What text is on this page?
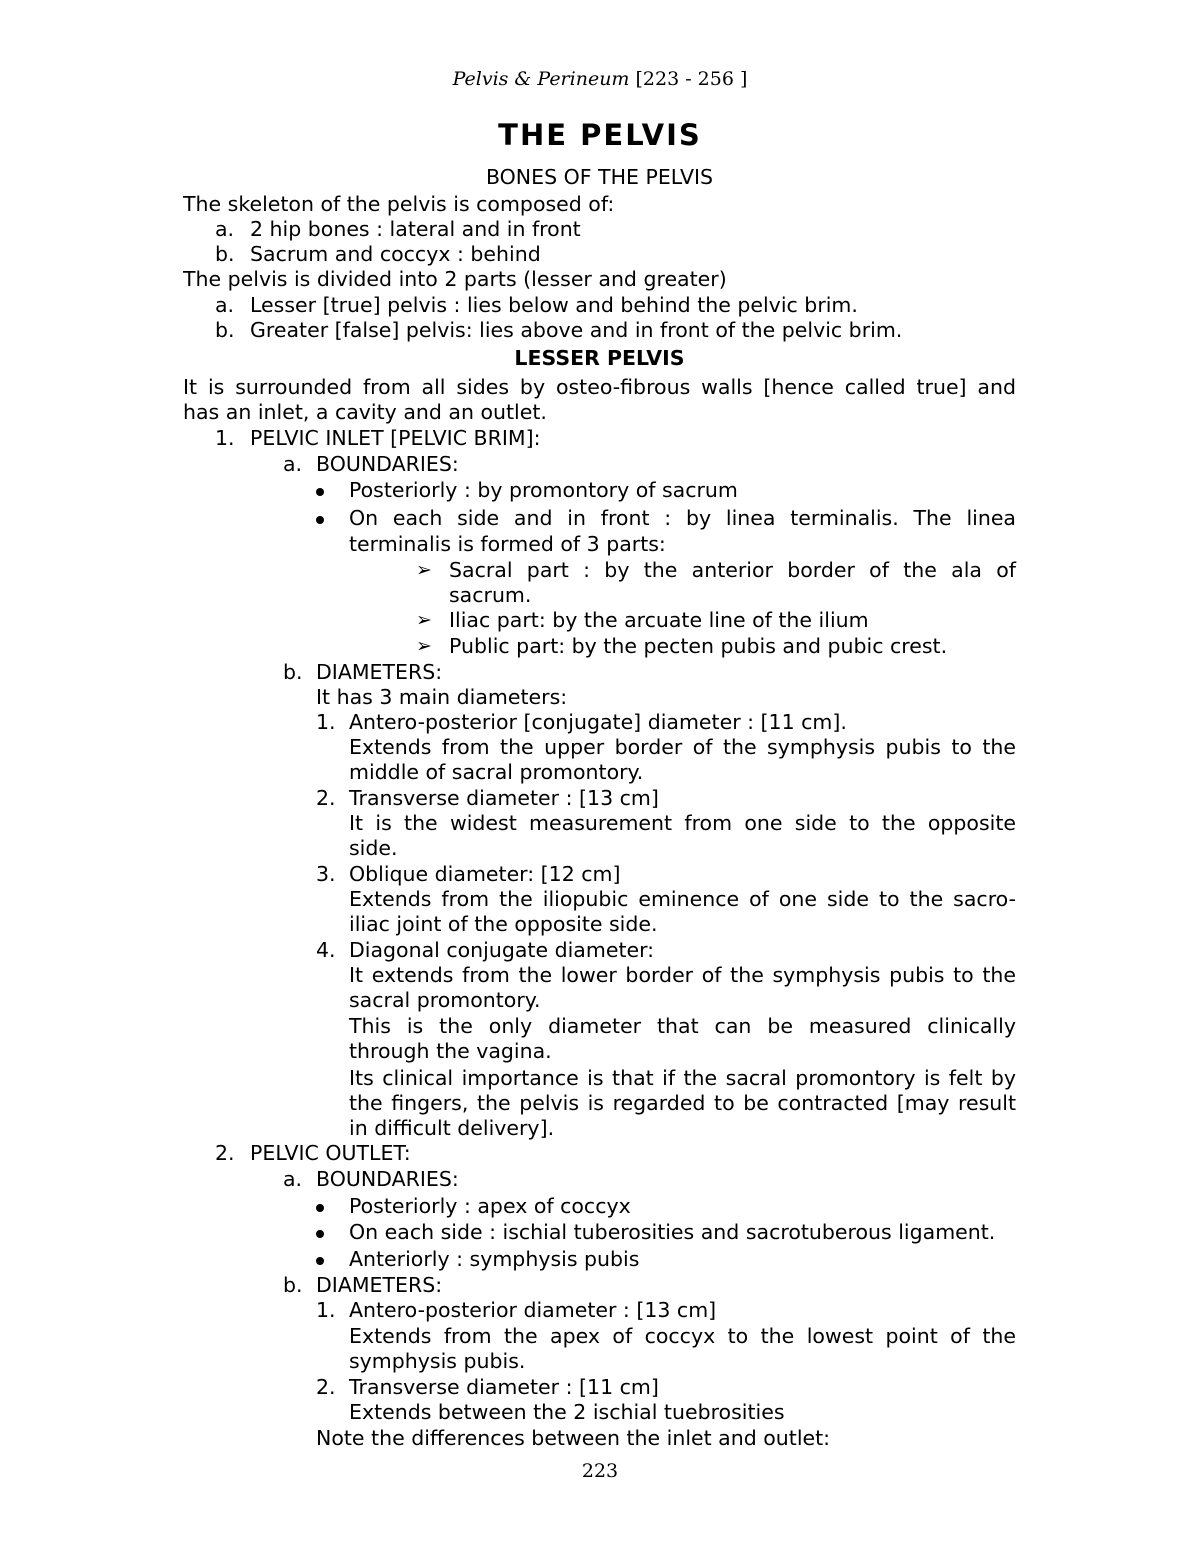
Pelvis & Perineum [223 - 256 ]
THE PELVIS
BONES OF THE PELVIS
The skeleton of the pelvis is composed of:
a. 2 hip bones : lateral and in front
b. Sacrum and coccyx : behind
The pelvis is divided into 2 parts (lesser and greater)
a. Lesser [true] pelvis : lies below and behind the pelvic brim.
b. Greater [false] pelvis: lies above and in front of the pelvic brim.
LESSER PELVIS
It is surrounded from all sides by osteo-fibrous walls [hence called true] and
has an inlet, a cavity and an outlet.
1. PELVIC INLET [PELVIC BRIM]:
a. BOUNDARIES:
Posteriorly : by promontory of sacrum
On each side and in front : by linea terminalis. The linea
terminalis is formed of 3 parts:
➢ Sacral part : by the anterior border of the ala of
sacrum.
➢ Iliac part: by the arcuate line of the ilium
➢ Public part: by the pecten pubis and pubic crest.
b. DIAMETERS:
It has 3 main diameters:
1. Antero-posterior [conjugate] diameter : [11 cm].
Extends from the upper border of the symphysis pubis to the
middle of sacral promontory.
2. Transverse diameter : [13 cm]
It is the widest measurement from one side to the opposite
side.
3. Oblique diameter: [12 cm]
Extends from the iliopubic eminence of one side to the sacro-
iliac joint of the opposite side.
4. Diagonal conjugate diameter:
It extends from the lower border of the symphysis pubis to the
sacral promontory.
This is the only diameter that can be measured clinically
through the vagina.
Its clinical importance is that if the sacral promontory is felt by
the fingers, the pelvis is regarded to be contracted [may result
in difficult delivery].
2. PELVIC OUTLET:
a. BOUNDARIES:
Posteriorly : apex of coccyx
On each side : ischial tuberosities and sacrotuberous ligament.
Anteriorly : symphysis pubis
b. DIAMETERS:
1. Antero-posterior diameter : [13 cm]
Extends from the apex of coccyx to the lowest point of the
symphysis pubis.
2. Transverse diameter : [11 cm]
Extends between the 2 ischial tuebrosities
Note the differences between the inlet and outlet:
223
